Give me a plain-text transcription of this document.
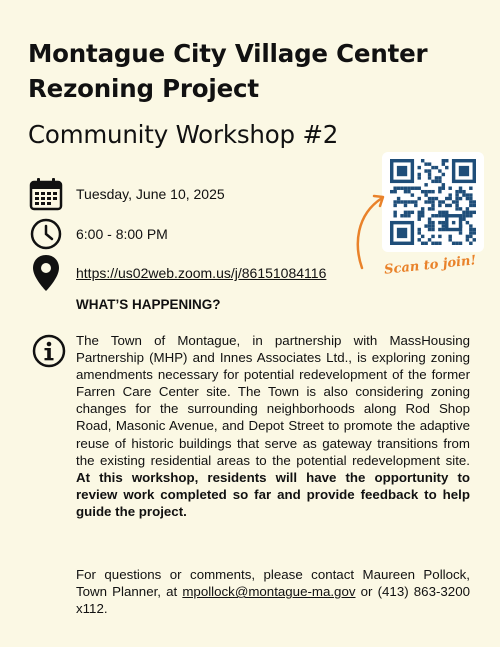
Montague City Village Center Rezoning Project
Community Workshop #2
Tuesday, June 10, 2025
6:00 - 8:00 PM
https://us02web.zoom.us/j/86151084116	Scan to join!
WHAT’S HAPPENING?

The Town of Montague, in partnership with MassHousing Partnership (MHP) and Innes Associates Ltd., is exploring zoning amendments necessary for potential redevelopment of the former Farren Care Center site. The Town is also considering zoning changes for the surrounding neighborhoods along Rod Shop Road, Masonic Avenue, and Depot Street to promote the adaptive reuse of historic buildings that serve as gateway transitions from the existing residential areas to the potential redevelopment site. At this workshop, residents will have the opportunity to review work completed so far and provide feedback to help guide the project.

For questions or comments, please contact Maureen Pollock, Town Planner, at mpollock@montague-ma.gov or (413) 863-3200 x112.
